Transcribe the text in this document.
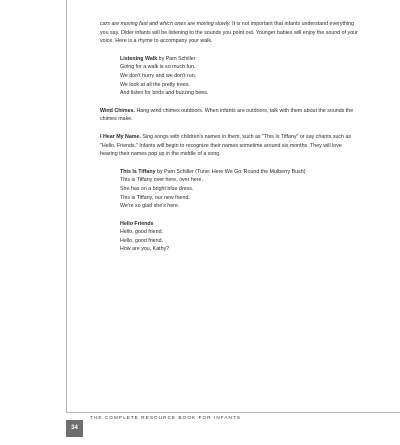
cars are moving fast and which ones are moving slowly. It is not important that infants understand everything you say. Older infants will be listening to the sounds you point out. Younger babies will enjoy the sound of your voice. Here is a rhyme to accompany your walk.

Listening Walk by Pam Schiller
Going for a walk is so much fun.
We don't hurry and we don't run.
We look at all the pretty trees.
And listen for birds and buzzing bees.

Wind Chimes. Hang wind chimes outdoors. When infants are outdoors, talk with them about the sounds the chimes make.

I Hear My Name. Sing songs with children's names in them, such as "This Is Tiffany" or say chants such as "Hello, Friends." Infants will begin to recognize their names sometime around six months. They will love hearing their names pop up in the middle of a song.

This Is Tiffany by Pam Schiller (Tune: Here We Go 'Round the Mulberry Bush)
This is Tiffany over here, over here.
She has on a bright blue dress.
This is Tiffany, our new friend.
We're so glad she's here.
Hello Friends
Hello, good friend.
Hello, good friend.
How are you, Kathy?
34
THE COMPLETE RESOURCE BOOK FOR INFANTS
